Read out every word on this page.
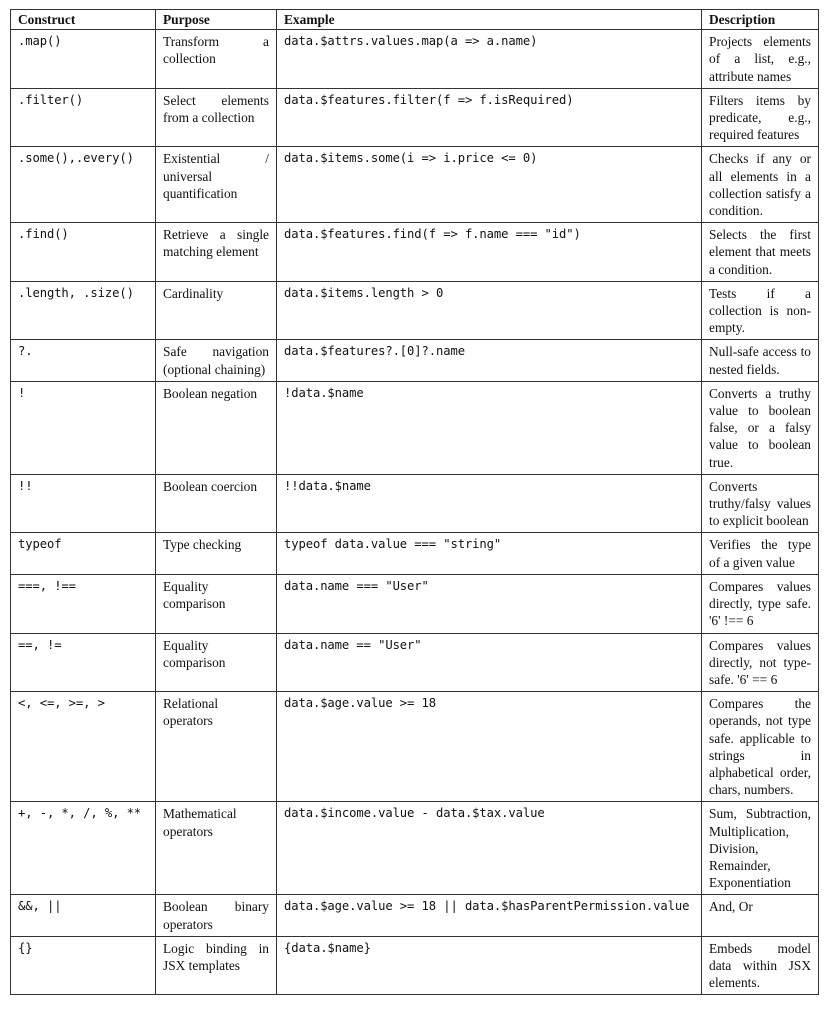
Construct	Purpose	Example	Description
.map()	Transform a collection	data.$attrs.values.map(a => a.name)	Projects elements of a list, e.g., attribute names
.filter()	Select elements from a collection	data.$features.filter(f => f.isRequired)	Filters items by predicate, e.g., required features
.some(),.every()	Existential / universal quantification	data.$items.some(i => i.price <= 0)	Checks if any or all elements in a collection satisfy a condition.
.find()	Retrieve a single matching element	data.$features.find(f => f.name === "id")	Selects the first element that meets a condition.
.length, .size()	Cardinality	data.$items.length > 0	Tests if a collection is non-empty.
?.	Safe navigation (optional chaining)	data.$features?.[0]?.name	Null-safe access to nested fields.
!	Boolean negation	!data.$name	Converts a truthy value to boolean false, or a falsy value to boolean true.
!!	Boolean coercion	!!data.$name	Converts truthy/falsy values to explicit boolean
typeof	Type checking	typeof data.value === "string"	Verifies the type of a given value
===, !==	Equality comparison	data.name === "User"	Compares values directly, type safe. '6' !== 6
==, !=	Equality comparison	data.name == "User"	Compares values directly, not type-safe. '6' == 6
<, <=, >=, >	Relational operators	data.$age.value >= 18	Compares the operands, not type safe. applicable to strings in alphabetical order, chars, numbers.
+, -, *, /, %, **	Mathematical operators	data.$income.value - data.$tax.value	Sum, Subtraction, Multiplication, Division, Remainder, Exponentiation
&&, ||	Boolean binary operators	data.$age.value >= 18 || data.$hasParentPermission.value	And, Or
{}	Logic binding in JSX templates	{data.$name}	Embeds model data within JSX elements.
